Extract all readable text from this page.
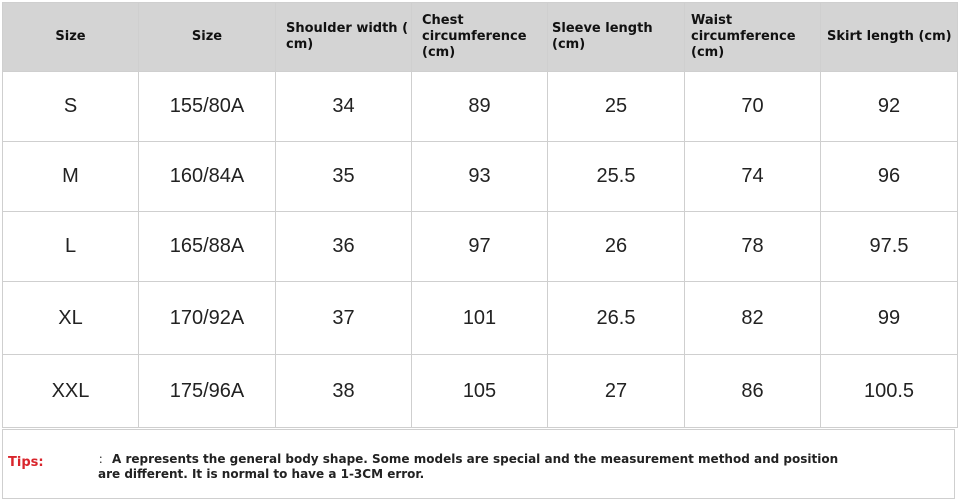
Size	Size	Shoulder width ( cm)	Chest circumference (cm)	Sleeve length (cm)	Waist circumference (cm)	Skirt length (cm)
S	155/80A	34	89	25	70	92
M	160/84A	35	93	25.5	74	96
L	165/88A	36	97	26	78	97.5
XL	170/92A	37	101	26.5	82	99
XXL	175/96A	38	105	27	86	100.5
Tips:	： A represents the general body shape. Some models are special and the measurement method and position are different. It is normal to have a 1-3CM error.
